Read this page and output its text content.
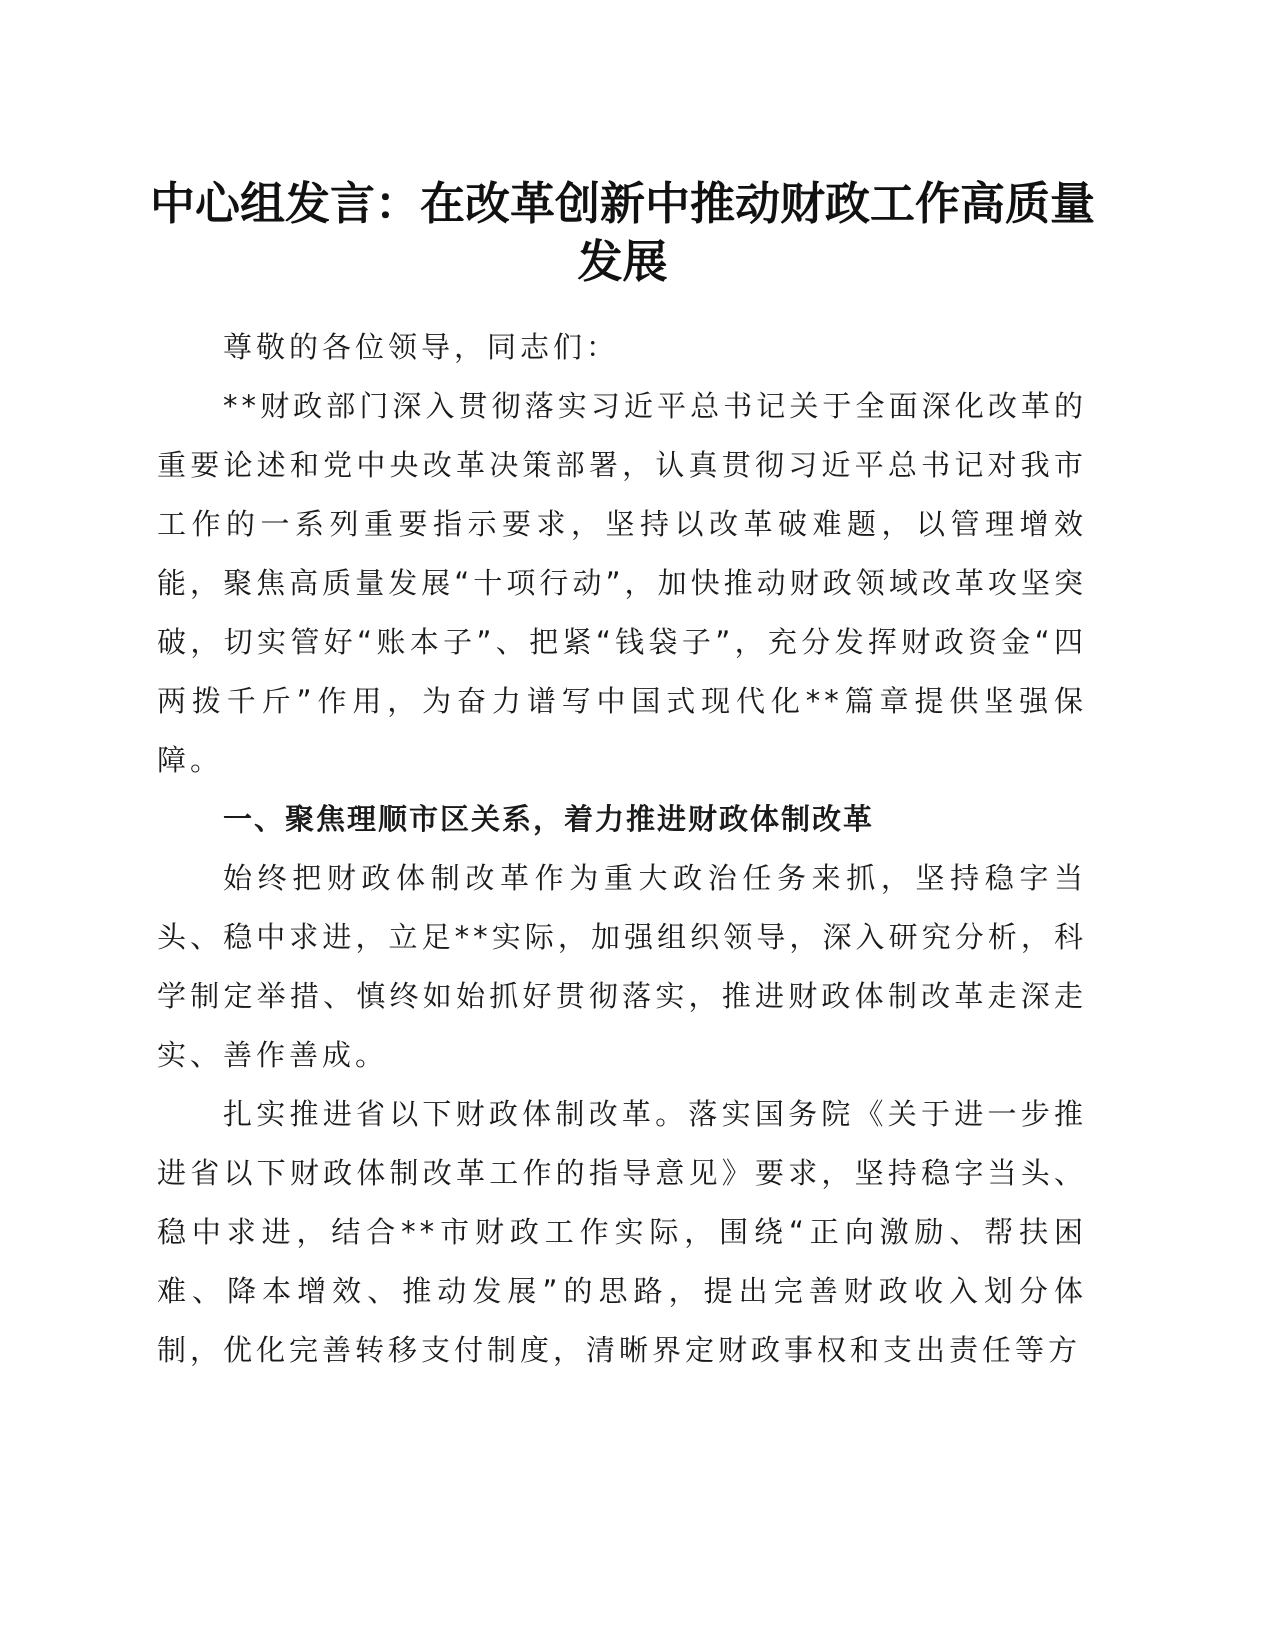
中心组发言：在改革创新中推动财政工作高质量发展

尊敬的各位领导，同志们：

**财政部门深入贯彻落实习近平总书记关于全面深化改革的重要论述和党中央改革决策部署，认真贯彻习近平总书记对我市工作的一系列重要指示要求，坚持以改革破难题，以管理增效能，聚焦高质量发展“十项行动”，加快推动财政领域改革攻坚突破，切实管好“账本子”、把紧“钱袋子”，充分发挥财政资金“四两拨千斤”作用，为奋力谱写中国式现代化**篇章提供坚强保障。

一、聚焦理顺市区关系，着力推进财政体制改革

始终把财政体制改革作为重大政治任务来抓，坚持稳字当头、稳中求进，立足**实际，加强组织领导，深入研究分析，科学制定举措、慎终如始抓好贯彻落实，推进财政体制改革走深走实、善作善成。

扎实推进省以下财政体制改革。落实国务院《关于进一步推进省以下财政体制改革工作的指导意见》要求，坚持稳字当头、稳中求进，结合**市财政工作实际，围绕“正向激励、帮扶困难、降本增效、推动发展”的思路，提出完善财政收入划分体制，优化完善转移支付制度，清晰界定财政事权和支出责任等方
